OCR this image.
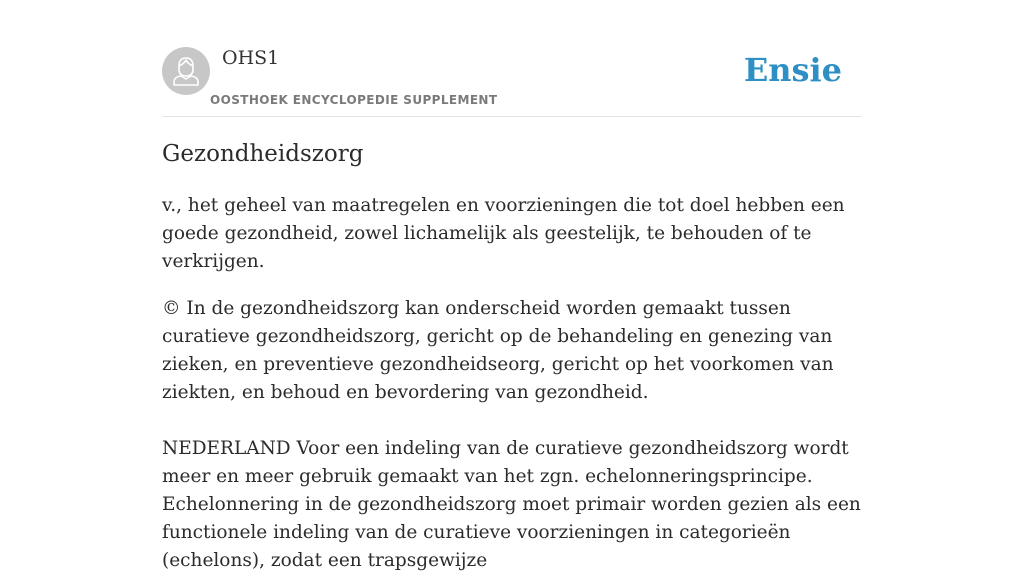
OHS1
OOSTHOEK ENCYCLOPEDIE SUPPLEMENT
Ensie
Gezondheidszorg

v., het geheel van maatregelen en voorzieningen die tot doel hebben een goede gezondheid, zowel lichamelijk als geestelijk, te behouden of te verkrijgen.

© In de gezondheidszorg kan onderscheid worden gemaakt tussen curatieve gezondheidszorg, gericht op de behandeling en genezing van zieken, en preventieve gezondheidseorg, gericht op het voorkomen van ziekten, en behoud en bevordering van gezondheid.

NEDERLAND Voor een indeling van de curatieve gezondheidszorg wordt meer en meer gebruik gemaakt van het zgn. echelonneringsprincipe. Echelonnering in de gezondheidszorg moet primair worden gezien als een functionele indeling van de curatieve voorzieningen in categorieën (echelons), zodat een trapsgewijze
